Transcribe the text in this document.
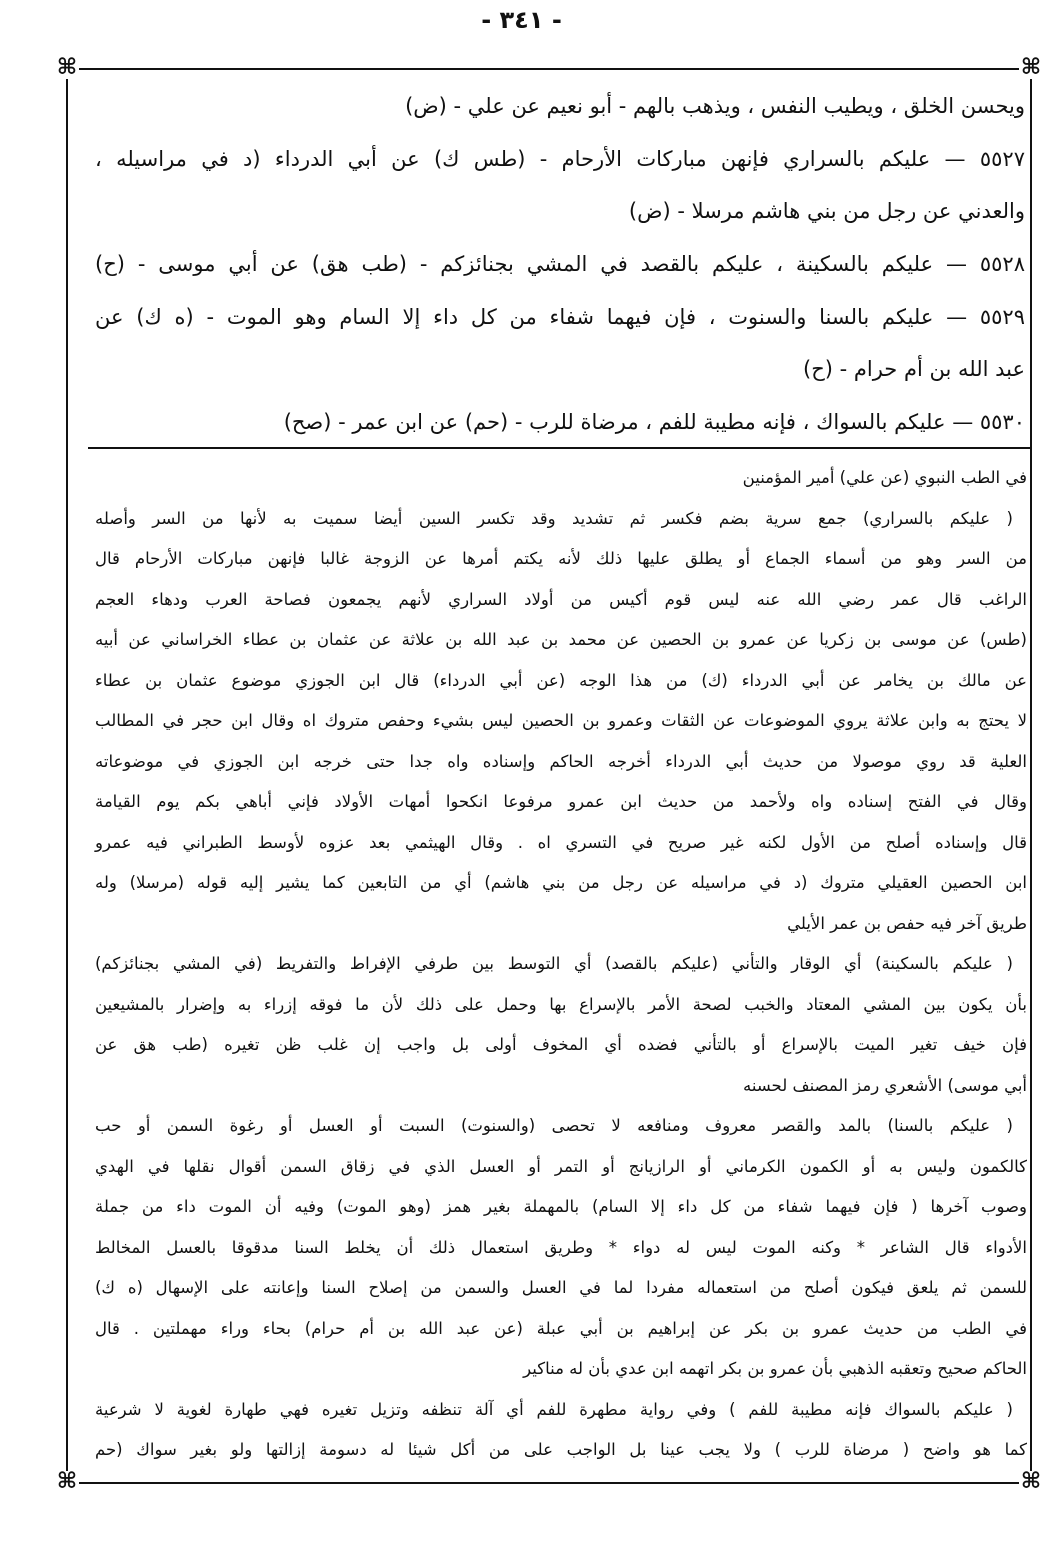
- ٣٤١ -
⌘	⌘
⌘	⌘
ويحسن الخلق ، ويطيب النفس ، ويذهب بالهم - أبو نعيم عن علي - (ض)
٥٥٢٧ — عليكم بالسراري فإنهن مباركات الأرحام - (طس ك) عن أبي الدرداء (د في مراسيله ،
والعدني عن رجل من بني هاشم مرسلا - (ض)
٥٥٢٨ — عليكم بالسكينة ، عليكم بالقصد في المشي بجنائزكم - (طب هق) عن أبي موسى - (ح)
٥٥٢٩ — عليكم بالسنا والسنوت ، فإن فيهما شفاء من كل داء إلا السام وهو الموت - (ه ك) عن
عبد الله بن أم حرام - (ح)
٥٥٣٠ — عليكم بالسواك ، فإنه مطيبة للفم ، مرضاة للرب - (حم) عن ابن عمر - (صح)
في الطب النبوي (عن علي) أمير المؤمنين
( عليكم بالسراري) جمع سرية بضم فكسر ثم تشديد وقد تكسر السين أيضا سميت به لأنها من السر وأصله
من السر وهو من أسماء الجماع أو يطلق عليها ذلك لأنه يكتم أمرها عن الزوجة غالبا فإنهن مباركات الأرحام قال
الراغب قال عمر رضي الله عنه ليس قوم أكيس من أولاد السراري لأنهم يجمعون فصاحة العرب ودهاء العجم
(طس) عن موسى بن زكريا عن عمرو بن الحصين عن محمد بن عبد الله بن علاثة عن عثمان بن عطاء الخراساني عن أبيه
عن مالك بن يخامر عن أبي الدرداء (ك) من هذا الوجه (عن أبي الدرداء) قال ابن الجوزي موضوع عثمان بن عطاء
لا يحتج به وابن علاثة يروي الموضوعات عن الثقات وعمرو بن الحصين ليس بشيء وحفص متروك اه وقال ابن حجر في المطالب
العلية قد روي موصولا من حديث أبي الدرداء أخرجه الحاكم وإسناده واه جدا حتى خرجه ابن الجوزي في موضوعاته
وقال في الفتح إسناده واه ولأحمد من حديث ابن عمرو مرفوعا انكحوا أمهات الأولاد فإني أباهي بكم يوم القيامة
قال وإسناده أصلح من الأول لكنه غير صريح في التسري اه . وقال الهيثمي بعد عزوه لأوسط الطبراني فيه عمرو
ابن الحصين العقيلي متروك (د في مراسيله عن رجل من بني هاشم) أي من التابعين كما يشير إليه قوله (مرسلا) وله
طريق آخر فيه حفص بن عمر الأيلي
( عليكم بالسكينة) أي الوقار والتأني (عليكم بالقصد) أي التوسط بين طرفي الإفراط والتفريط (في المشي بجنائزكم)
بأن يكون بين المشي المعتاد والخبب لصحة الأمر بالإسراع بها وحمل على ذلك لأن ما فوقه إزراء به وإضرار بالمشيعين
فإن خيف تغير الميت بالإسراع أو بالتأني فضده أي المخوف أولى بل واجب إن غلب ظن تغيره (طب هق عن
أبي موسى) الأشعري رمز المصنف لحسنه
( عليكم بالسنا) بالمد والقصر معروف ومنافعه لا تحصى (والسنوت) السبت أو العسل أو رغوة السمن أو حب
كالكمون وليس به أو الكمون الكرماني أو الرازيانج أو التمر أو العسل الذي في زقاق السمن أقوال نقلها في الهدي
وصوب آخرها ( فإن فيهما شفاء من كل داء إلا السام) بالمهملة بغير همز (وهو الموت) وفيه أن الموت داء من جملة
الأدواء قال الشاعر * وكنه الموت ليس له دواء * وطريق استعمال ذلك أن يخلط السنا مدقوقا بالعسل المخالط
للسمن ثم يلعق فيكون أصلح من استعماله مفردا لما في العسل والسمن من إصلاح السنا وإعانته على الإسهال (ه ك)
في الطب من حديث عمرو بن بكر عن إبراهيم بن أبي عبلة (عن عبد الله بن أم حرام) بحاء وراء مهملتين . قال
الحاكم صحيح وتعقبه الذهبي بأن عمرو بن بكر اتهمه ابن عدي بأن له مناكير
( عليكم بالسواك فإنه مطيبة للفم ) وفي رواية مطهرة للفم أي آلة تنظفه وتزيل تغيره فهي طهارة لغوية لا شرعية
كما هو واضح ( مرضاة للرب ) ولا يجب عينا بل الواجب على من أكل شيئا له دسومة إزالتها ولو بغير سواك (حم
